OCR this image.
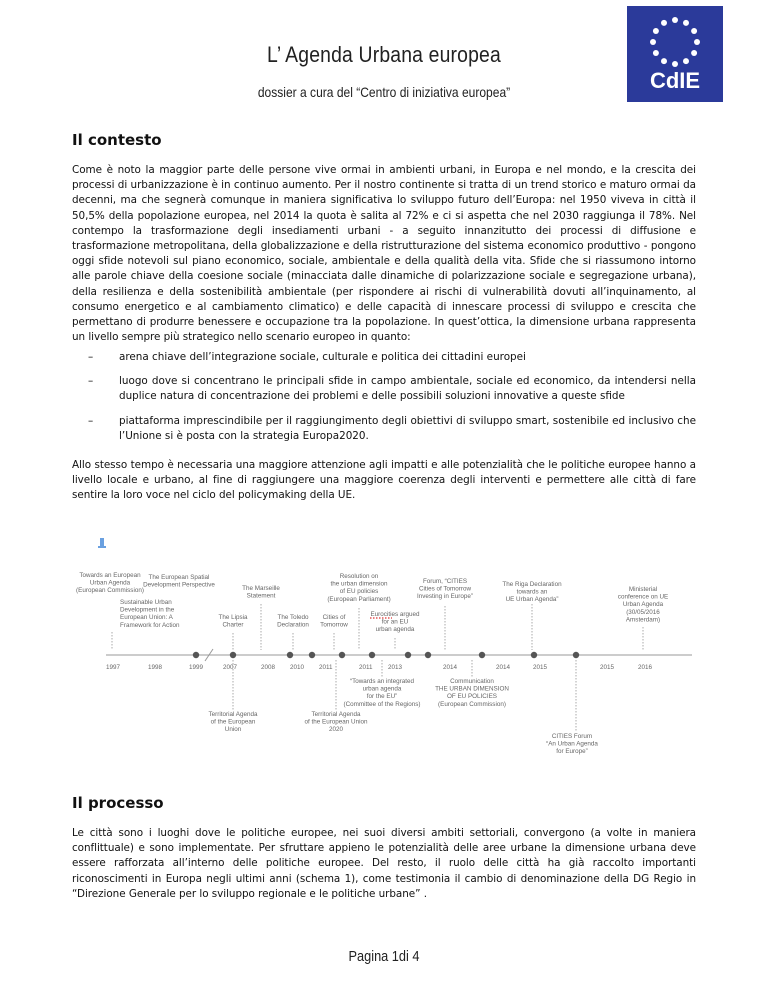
CdIE
L’ Agenda Urbana europea
dossier a cura del “Centro di iniziativa europea”
Il contesto

Come è noto la maggior parte delle persone vive ormai in ambienti urbani, in Europa e nel mondo, e la crescita dei processi di urbanizzazione è in continuo aumento. Per il nostro continente si tratta di un trend storico e maturo ormai da decenni, ma che segnerà comunque in maniera significativa lo sviluppo futuro dell’Europa: nel 1950 viveva in città il 50,5% della popolazione europea, nel 2014 la quota è salita al 72% e ci si aspetta che nel 2030 raggiunga il 78%. Nel contempo la trasformazione degli insediamenti urbani - a seguito innanzitutto dei processi di diffusione e trasformazione metropolitana, della globalizzazione e della ristrutturazione del sistema economico produttivo - pongono oggi sfide notevoli sul piano economico, sociale, ambientale e della qualità della vita. Sfide che si riassumono intorno alle parole chiave della coesione sociale (minacciata dalle dinamiche di polarizzazione sociale e segregazione urbana), della resilienza e della sostenibilità ambientale (per rispondere ai rischi di vulnerabilità dovuti all’inquinamento, al consumo energetico e al cambiamento climatico) e delle capacità di innescare processi di sviluppo e crescita che permettano di produrre benessere e occupazione tra la popolazione. In quest’ottica, la dimensione urbana rappresenta un livello sempre più strategico nello scenario europeo in quanto:

– arena chiave dell’integrazione sociale, culturale e politica dei cittadini europei
– luogo dove si concentrano le principali sfide in campo ambientale, sociale ed economico, da intendersi nella duplice natura di concentrazione dei problemi e delle possibili soluzioni innovative a queste sfide
– piattaforma imprescindibile per il raggiungimento degli obiettivi di sviluppo smart, sostenibile ed inclusivo che l’Unione si è posta con la strategia Europa2020.

Allo stesso tempo è necessaria una maggiore attenzione agli impatti e alle potenzialità che le politiche europee hanno a livello locale e urbano, al fine di raggiungere una maggiore coerenza degli interventi e permettere alle città di fare sentire la loro voce nel ciclo del policymaking della UE.

Towards an European
Urban Agenda
(European Commission)
The European Spatial
Development Perspective
Sustainable Urban
Development in the
European Union: A
Framework for Action
The Marseille
Statement
The Lipsia
Charter
The Toledo
Declaration
Cities of
Tomorrow
Resolution on
the urban dimension
of EU policies
(European Parliament)
Eurocities argued
for an EU
urban agenda
Forum, “CITIES
Cities of Tomorrow
Investing in Europe”
The Riga Declaration
towards an
UE Urban Agenda”
Ministerial
conference on UE
Urban Agenda
(30/05/2016
Amsterdam)
Territorial Agenda
of the European
Union
Territorial Agenda
of the European Union
2020
“Towards an integrated
urban agenda
for the EU”
(Committee of the Regions)
Communication
THE URBAN DIMENSION
OF EU POLICIES
(European Commission)
CITIES Forum
“An Urban Agenda
for Europe”
1997	1998	1999	2007	2008 2010 2011	2011 2013	2014	2014	2015	2015	2016
Il processo

Le città sono i luoghi dove le politiche europee, nei suoi diversi ambiti settoriali, convergono (a volte in maniera conflittuale) e sono implementate. Per sfruttare appieno le potenzialità delle aree urbane la dimensione urbana deve essere rafforzata all’interno delle politiche europee. Del resto, il ruolo delle città ha già raccolto importanti riconoscimenti in Europa negli ultimi anni (schema 1), come testimonia il cambio di denominazione della DG Regio in “Direzione Generale per lo sviluppo regionale e le politiche urbane” .

Pagina 1di 4
